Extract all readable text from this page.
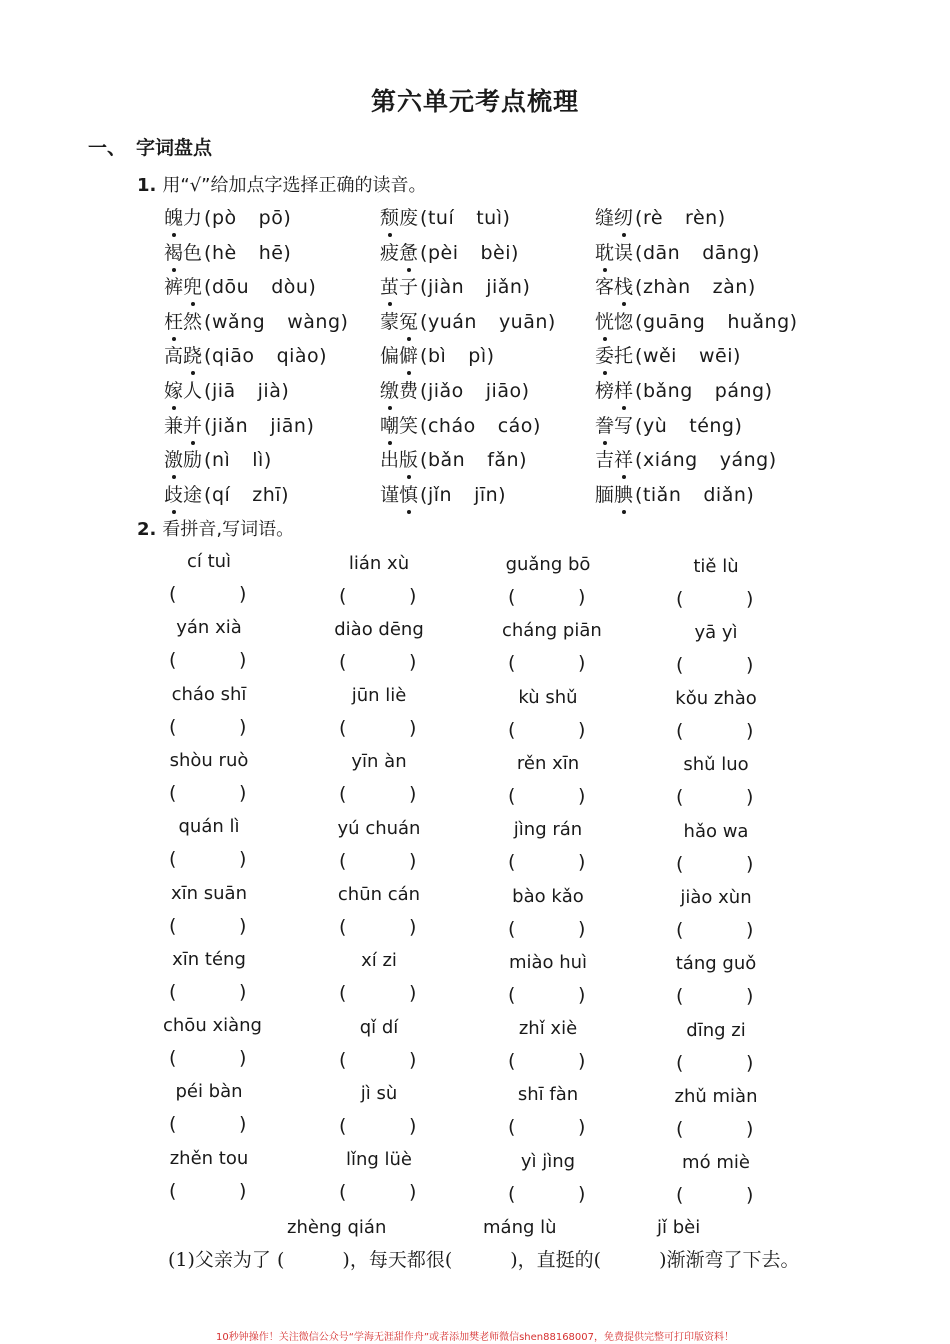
第六单元考点梳理
一、 字词盘点
1. 用“√”给加点字选择正确的读音。
魄力 (pò pō)	颓废 (tuí tuì)	缝纫 (rè rèn)
褐色 (hè hē)	疲惫 (pèi bèi)	耽误 (dān dāng)
裤兜 (dōu dòu)	茧子 (jiàn jiǎn)	客栈 (zhàn zàn)
枉然 (wǎng wàng) 蒙冤 (yuán yuān) 恍惚 (guāng huǎng)
高跷 (qiāo qiào)	偏僻 (bì pì)	委托 (wěi wēi)
嫁人 (jiā jià)	缴费 (jiǎo jiāo)	榜样 (bǎng páng)
兼并 (jiǎn jiān)	嘲笑 (cháo cáo)	誊写 (yù téng)
激励 (nì lì)	出版 (bǎn fǎn)	吉祥 (xiáng yáng)
歧途 (qí zhī)	谨慎 (jǐn jīn)	腼腆 (tiǎn diǎn)
2. 看拼音,写词语。
cí tuì
(	)
lián xù
(	)
guǎng bō
(	)
tiě lù
(	)
yán xià
(	)
diào dēng
(	)
cháng piān
(	)
yā yì
(	)
cháo shī
(	)
jūn liè
(	)
kù shǔ
(	)
kǒu zhào
(	)
shòu ruò
(	)
yīn àn
(	)
rěn xīn
(	)
shǔ luo
(	)
quán lì
(	)
yú chuán
(	)
jìng rán
(	)
hǎo wa
(	)
xīn suān
(	)
chūn cán
(	)
bào kǎo
(	)
jiào xùn
(	)
xīn téng
(	)
xí zi
(	)
miào huì
(	)
táng guǒ
(	)
chōu xiàng
(	)
qǐ dí
(	)
zhǐ xiè
(	)
dīng zi
(	)
péi bàn
(	)
jì sù
(	)
shī fàn
(	)
zhǔ miàn
(	)
zhěn tou
(	)
lǐng lüè
(	)
yì jìng
(	)
mó miè
(	)
zhèng qián	máng lù	jǐ bèi
(1)父亲为了 (	)，每天都很(	)，直挺的(	)渐渐弯了下去。
10秒钟操作！关注微信公众号“学海无涯甜作舟”或者添加樊老师微信shen88168007，免费提供完整可打印版资料！
